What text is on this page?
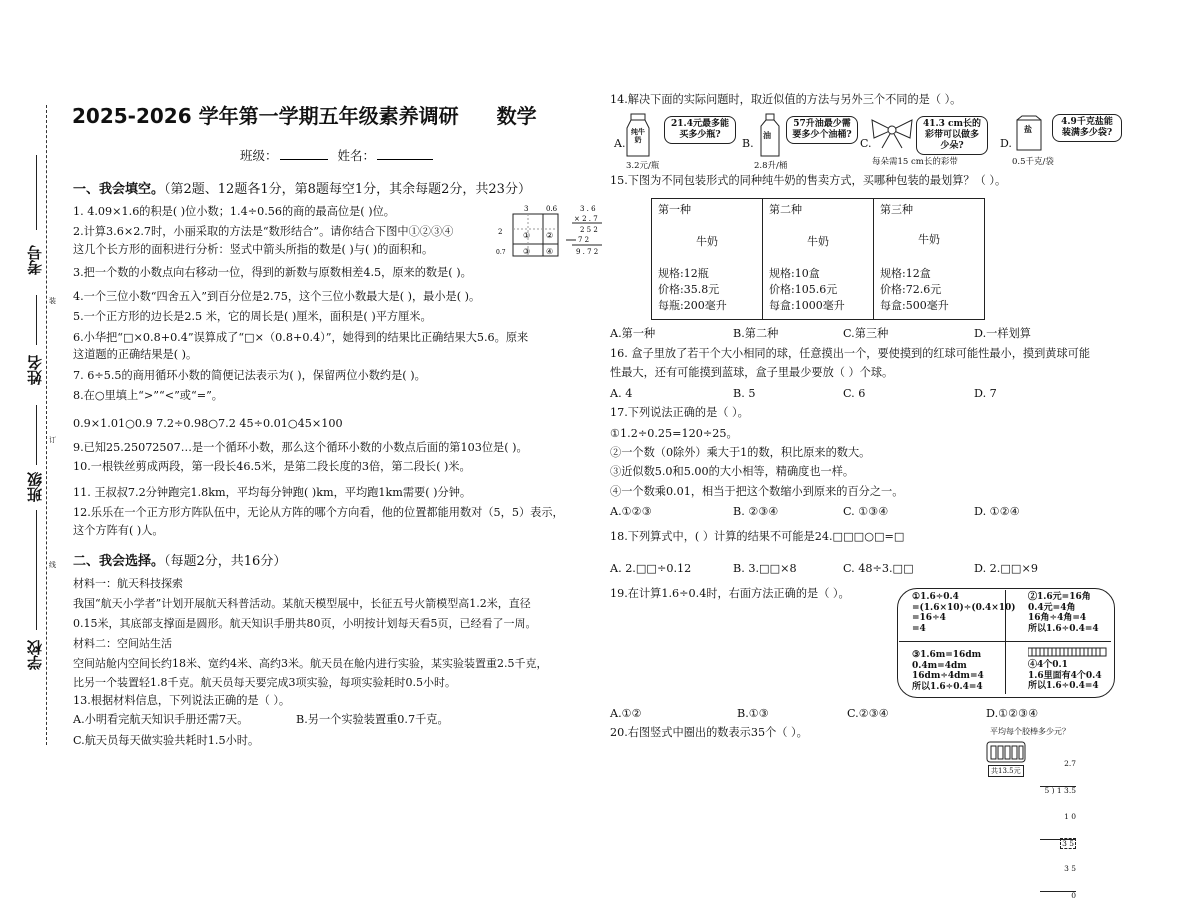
考号
姓名
班级
学校
装
订
线
2025-2026 学年第一学期五年级素养调研 数学
班级：	姓名：
一、我会填空。（第2题、12题各1分，第8题每空1分，其余每题2分，共23分）
1. 4.09×1.6的积是( )位小数；1.4÷0.56的商的最高位是( )位。
2.计算3.6×2.7时，小丽采取的方法是“数形结合”。请你结合下图中①②③④
这几个长方形的面积进行分析：竖式中箭头所指的数是( )与( )的面积和。
3	0.6
2
0.7
① ②
③ ④
3 . 6
× 2 . 7
2 5 2
7 2
9 . 7 2
3.把一个数的小数点向右移动一位，得到的新数与原数相差4.5，原来的数是( )。
4.一个三位小数“四舍五入”到百分位是2.75，这个三位小数最大是( )，最小是( )。
5.一个正方形的边长是2.5 米，它的周长是( )厘米，面积是( )平方厘米。
6.小华把“□×0.8+0.4”误算成了“□×（0.8+0.4）”，她得到的结果比正确结果大5.6。原来
这道题的正确结果是( )。
7. 6÷5.5的商用循环小数的简便记法表示为( )，保留两位小数约是( )。
8.在○里填上“>”“<”或“=”。
0.9×1.01○0.9 7.2÷0.98○7.2 45÷0.01○45×100
9.已知25.25072507…是一个循环小数，那么这个循环小数的小数点后面的第103位是( )。
10.一根铁丝剪成两段，第一段长46.5米，是第二段长度的3倍，第二段长( )米。
11. 王叔叔7.2分钟跑完1.8km，平均每分钟跑( )km，平均跑1km需要( )分钟。
12.乐乐在一个正方形方阵队伍中，无论从方阵的哪个方向看，他的位置都能用数对（5，5）表示，
这个方阵有( )人。
二、我会选择。（每题2分，共16分）
材料一：航天科技探索
我国“航天小学者”计划开展航天科普活动。某航天模型展中，长征五号火箭模型高1.2米，直径
0.15米，其底部支撑面是圆形。航天知识手册共80页，小明按计划每天看5页，已经看了一周。
材料二：空间站生活
空间站舱内空间长约18米、宽约4米、高约3米。航天员在舱内进行实验，某实验装置重2.5千克，
比另一个装置轻1.8千克。航天员每天要完成3项实验，每项实验耗时0.5小时。
13.根据材料信息，下列说法正确的是（ ）。
A.小明看完航天知识手册还需7天。	B.另一个实验装置重0.7千克。
C.航天员每天做实验共耗时1.5小时。
14.解决下面的实际问题时，取近似值的方法与另外三个不同的是（ ）。
A.
纯牛奶
21.4元最多能买多少瓶?
3.2元/瓶
B.
油
57升油最少需要多少个油桶?
2.8升/桶
C.
41.3 cm长的彩带可以做多少朵?
每朵需15 cm长的彩带
D.
盐
4.9千克盐能装满多少袋?
0.5千克/袋
15.下图为不同包装形式的同种纯牛奶的售卖方式，买哪种包装的最划算？（ ）。
第一种
牛奶
规格:12瓶
价格:35.8元
每瓶:200毫升

第二种
牛奶
规格:10盒
价格:105.6元
每盒:1000毫升

第三种
牛奶
规格:12盒
价格:72.6元
每盒:500毫升
A.第一种	B.第二种	C.第三种	D.一样划算
16. 盒子里放了若干个大小相同的球，任意摸出一个，要使摸到的红球可能性最小，摸到黄球可能
性最大，还有可能摸到蓝球，盒子里最少要放（ ）个球。
A. 4	B. 5	C. 6	D. 7
17.下列说法正确的是（ ）。
①1.2÷0.25=120÷25。
②一个数（0除外）乘大于1的数，积比原来的数大。
③近似数5.0和5.00的大小相等，精确度也一样。
④一个数乘0.01，相当于把这个数缩小到原来的百分之一。
A.①②③	B. ②③④	C. ①③④	D. ①②④
18.下列算式中，( ）计算的结果不可能是24.□□□○□=□
A. 2.□□÷0.12	B. 3.□□×8	C. 48÷3.□□	D. 2.□□×9
19.在计算1.6÷0.4时，右面方法正确的是（ ）。	①1.6÷0.4
=(1.6×10)÷(0.4×10)
=16÷4
=4
②1.6元=16角
0.4元=4角
16角÷4角=4
所以1.6÷0.4=4
③1.6m=16dm
0.4m=4dm
16dm÷4dm=4
所以1.6÷0.4=4
④4个0.1
1.6里面有4个0.4
所以1.6÷0.4=4
A.①②	B.①③	C.②③④	D.①②③④
20.右图竖式中圈出的数表示35个（ ）。	平均每个胶棒多少元？
共13.5元

2.7

5 ) 1 3.5

1 0

3 5

3 5

0
